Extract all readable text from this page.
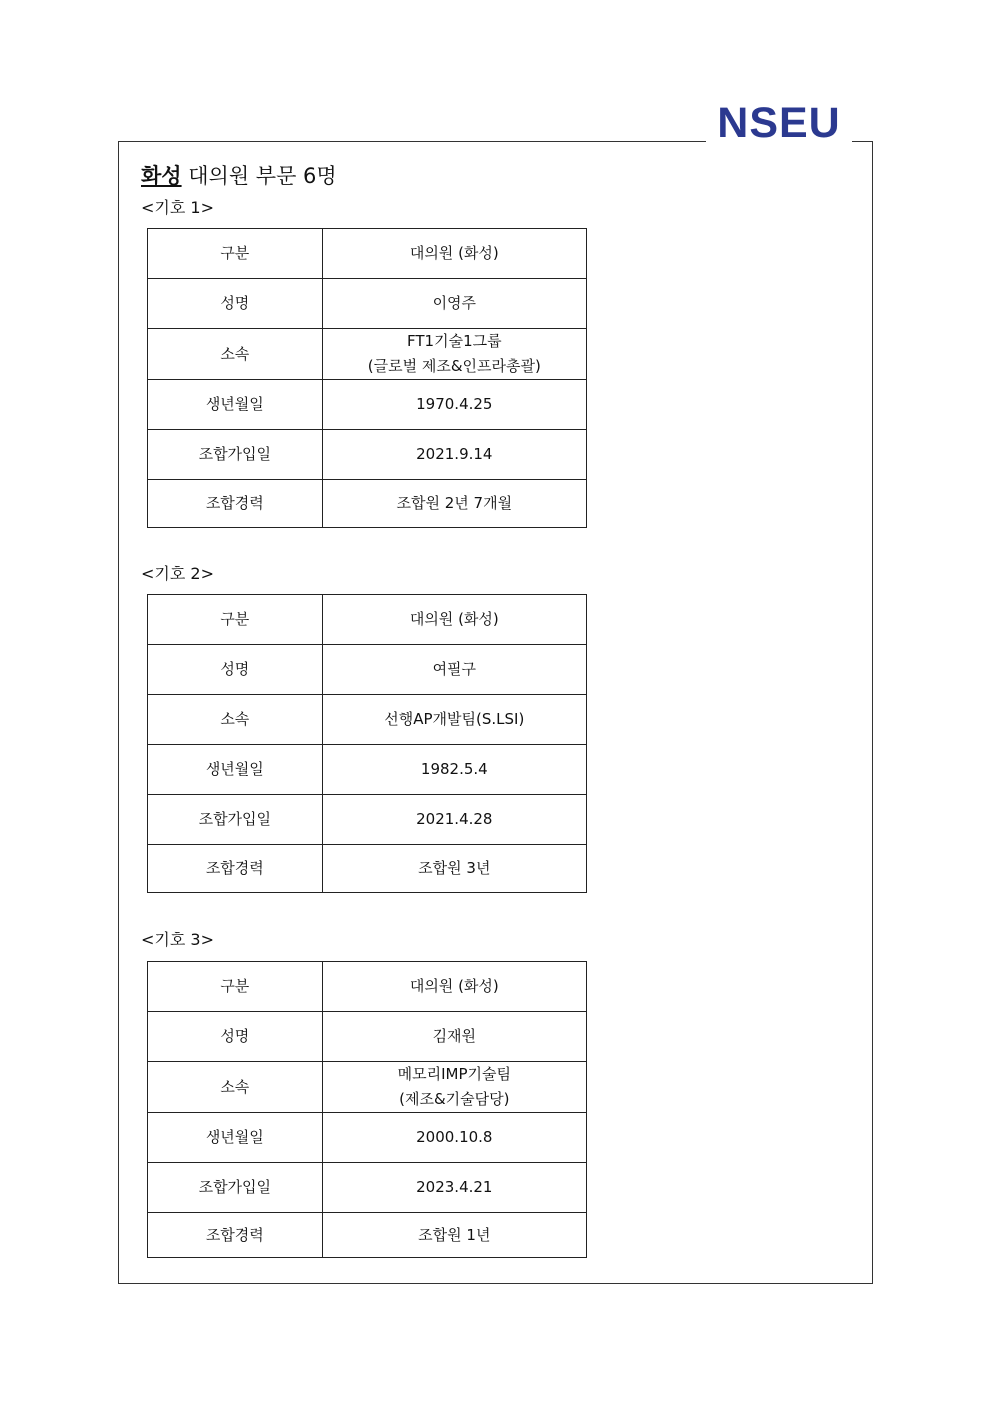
NSEU
화성 대의원 부문 6명
<기호 1>
구분	대의원 (화성)
성명	이영주
소속	FT1기술1그룹
(글로벌 제조&인프라총괄)

생년월일	1970.4.25
조합가입일	2021.9.14
조합경력	조합원 2년 7개월
<기호 2>
구분	대의원 (화성)
성명	여필구
소속	선행AP개발팀(S.LSI)
생년월일	1982.5.4
조합가입일	2021.4.28
조합경력	조합원 3년
<기호 3>
구분	대의원 (화성)
성명	김재원
소속	메모리IMP기술팀
(제조&기술담당)

생년월일	2000.10.8
조합가입일	2023.4.21
조합경력	조합원 1년
